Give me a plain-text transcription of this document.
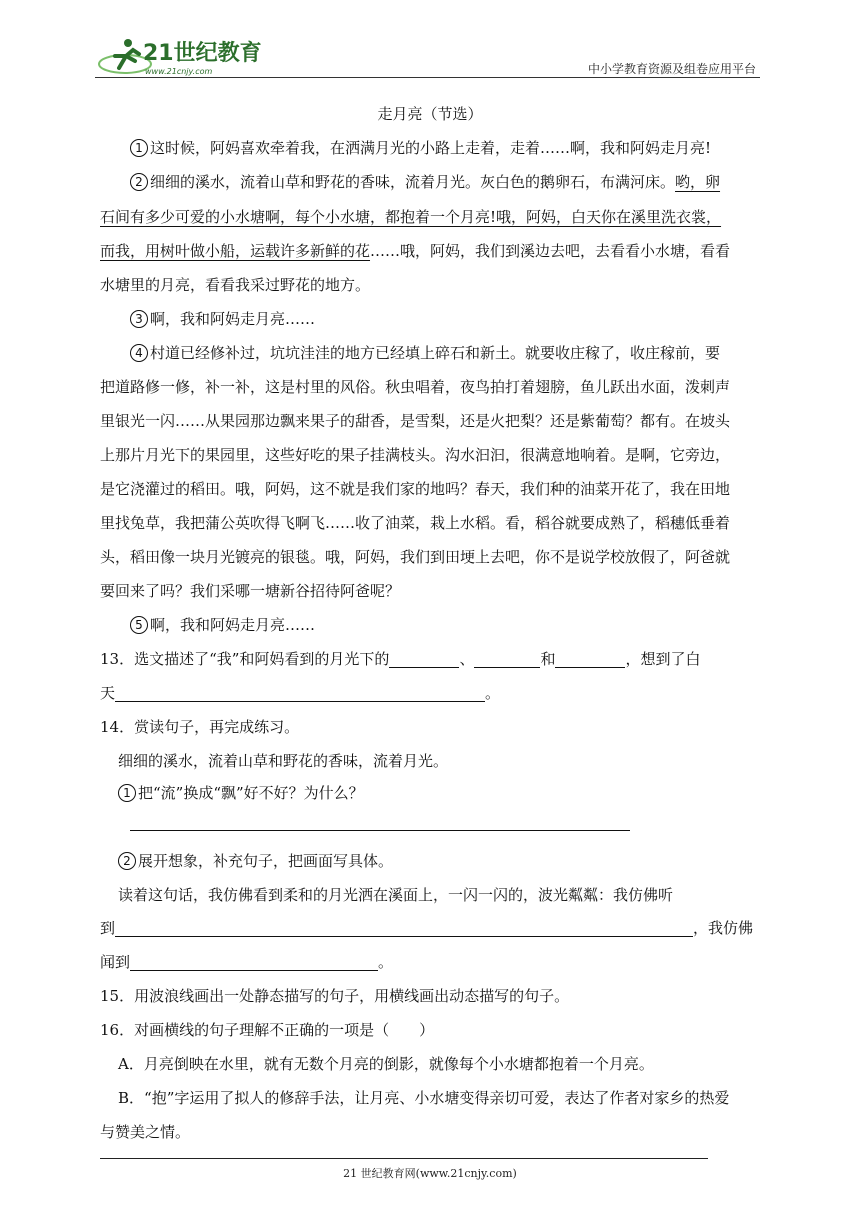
21世纪教育
www.21cnjy.com	中小学教育资源及组卷应用平台
走月亮（节选）
1 这时候，阿妈喜欢牵着我，在洒满月光的小路上走着，走着……啊，我和阿妈走月亮!
2 细细的溪水，流着山草和野花的香味，流着月光。灰白色的鹅卵石，布满河床。哟，卵
石间有多少可爱的小水塘啊，每个小水塘，都抱着一个月亮!哦，阿妈，白天你在溪里洗衣裳，
而我，用树叶做小船，运载许多新鲜的花……哦，阿妈，我们到溪边去吧，去看看小水塘，看看
水塘里的月亮，看看我采过野花的地方。
3 啊，我和阿妈走月亮……
4 村道已经修补过，坑坑洼洼的地方已经填上碎石和新土。就要收庄稼了，收庄稼前，要
把道路修一修，补一补，这是村里的风俗。秋虫唱着，夜鸟拍打着翅膀，鱼儿跃出水面，泼刺声
里银光一闪……从果园那边飘来果子的甜香，是雪梨，还是火把梨？还是紫葡萄？都有。在坡头
上那片月光下的果园里，这些好吃的果子挂满枝头。沟水汩汩，很满意地响着。是啊，它旁边，
是它浇灌过的稻田。哦，阿妈，这不就是我们家的地吗？春天，我们种的油菜开花了，我在田地
里找兔草，我把蒲公英吹得飞啊飞……收了油菜，栽上水稻。看，稻谷就要成熟了，稻穗低垂着
头，稻田像一块月光镀亮的银毯。哦，阿妈，我们到田埂上去吧，你不是说学校放假了，阿爸就
要回来了吗？我们采哪一塘新谷招待阿爸呢？
5 啊，我和阿妈走月亮……
13．选文描述了“我”和阿妈看到的月光下的	、	和	，想到了白
天	。
14．赏读句子，再完成练习。
细细的溪水，流着山草和野花的香味，流着月光。
1 把“流”换成“飘”好不好？为什么？
2 展开想象，补充句子，把画面写具体。
读着这句话，我仿佛看到柔和的月光洒在溪面上，一闪一闪的，波光粼粼：我仿佛听
到	，我仿佛
闻到	。
15．用波浪线画出一处静态描写的句子，用横线画出动态描写的句子。
16．对画横线的句子理解不正确的一项是（　　）
A．月亮倒映在水里，就有无数个月亮的倒影，就像每个小水塘都抱着一个月亮。
B．“抱”字运用了拟人的修辞手法，让月亮、小水塘变得亲切可爱，表达了作者对家乡的热爱
与赞美之情。
21 世纪教育网(www.21cnjy.com)
